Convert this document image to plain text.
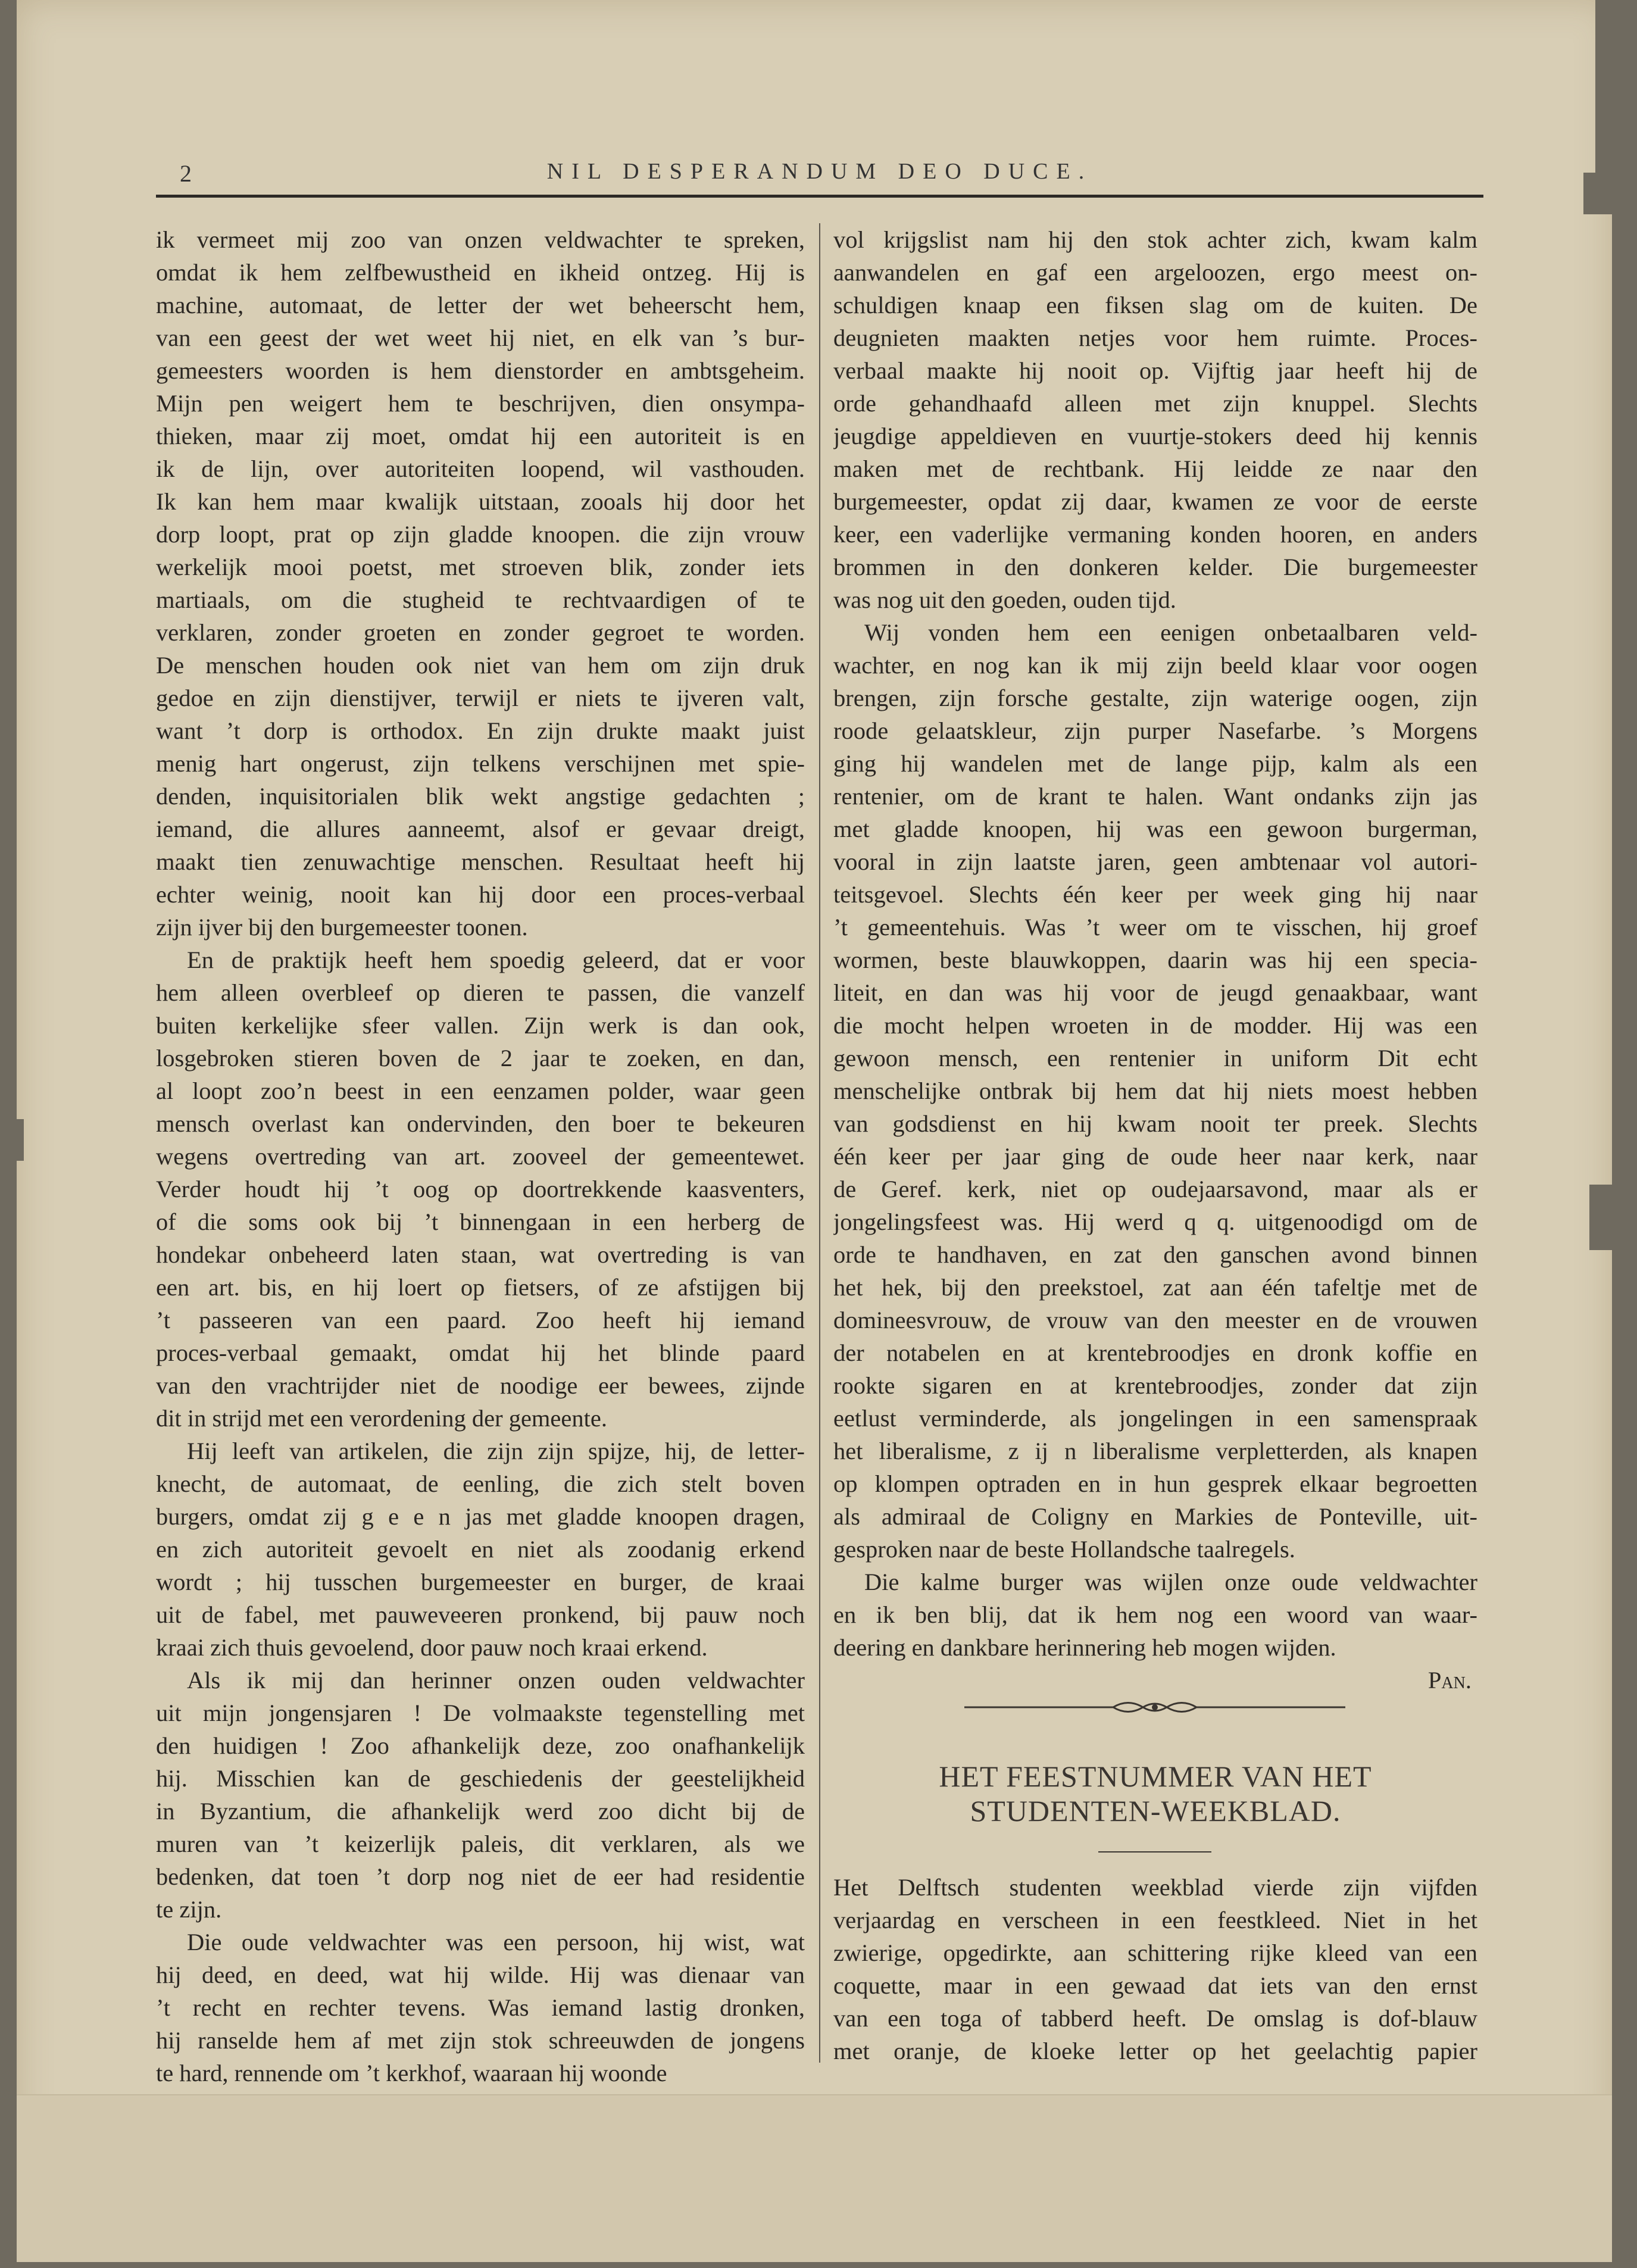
2	NIL DESPERANDUM DEO DUCE.
ik vermeet mij zoo van onzen veldwachter te spreken,
omdat ik hem zelfbewustheid en ikheid ontzeg. Hij is
machine, automaat, de letter der wet beheerscht hem,
van een geest der wet weet hij niet, en elk van ’s bur-
gemeesters woorden is hem dienstorder en ambtsgeheim.
Mijn pen weigert hem te beschrijven, dien onsympa-
thieken, maar zij moet, omdat hij een autoriteit is en
ik de lijn, over autoriteiten loopend, wil vasthouden.
Ik kan hem maar kwalijk uitstaan, zooals hij door het
dorp loopt, prat op zijn gladde knoopen. die zijn vrouw
werkelijk mooi poetst, met stroeven blik, zonder iets
martiaals, om die stugheid te rechtvaardigen of te
verklaren, zonder groeten en zonder gegroet te worden.
De menschen houden ook niet van hem om zijn druk
gedoe en zijn dienstijver, terwijl er niets te ijveren valt,
want ’t dorp is orthodox. En zijn drukte maakt juist
menig hart ongerust, zijn telkens verschijnen met spie-
denden, inquisitorialen blik wekt angstige gedachten ;
iemand, die allures aanneemt, alsof er gevaar dreigt,
maakt tien zenuwachtige menschen. Resultaat heeft hij
echter weinig, nooit kan hij door een proces-verbaal
zijn ijver bij den burgemeester toonen.
En de praktijk heeft hem spoedig geleerd, dat er voor
hem alleen overbleef op dieren te passen, die vanzelf
buiten kerkelijke sfeer vallen. Zijn werk is dan ook,
losgebroken stieren boven de 2 jaar te zoeken, en dan,
al loopt zoo’n beest in een eenzamen polder, waar geen
mensch overlast kan ondervinden, den boer te bekeuren
wegens overtreding van art. zooveel der gemeentewet.
Verder houdt hij ’t oog op doortrekkende kaasventers,
of die soms ook bij ’t binnengaan in een herberg de
hondekar onbeheerd laten staan, wat overtreding is van
een art. bis, en hij loert op fietsers, of ze afstijgen bij
’t passeeren van een paard. Zoo heeft hij iemand
proces-verbaal gemaakt, omdat hij het blinde paard
van den vrachtrijder niet de noodige eer bewees, zijnde
dit in strijd met een verordening der gemeente.
Hij leeft van artikelen, die zijn zijn spijze, hij, de letter-
knecht, de automaat, de eenling, die zich stelt boven
burgers, omdat zij g e e n jas met gladde knoopen dragen,
en zich autoriteit gevoelt en niet als zoodanig erkend
wordt ; hij tusschen burgemeester en burger, de kraai
uit de fabel, met pauweveeren pronkend, bij pauw noch
kraai zich thuis gevoelend, door pauw noch kraai erkend.
Als ik mij dan herinner onzen ouden veldwachter
uit mijn jongensjaren ! De volmaakste tegenstelling met
den huidigen ! Zoo afhankelijk deze, zoo onafhankelijk
hij. Misschien kan de geschiedenis der geestelijkheid
in Byzantium, die afhankelijk werd zoo dicht bij de
muren van ’t keizerlijk paleis, dit verklaren, als we
bedenken, dat toen ’t dorp nog niet de eer had residentie
te zijn.
Die oude veldwachter was een persoon, hij wist, wat
hij deed, en deed, wat hij wilde. Hij was dienaar van
’t recht en rechter tevens. Was iemand lastig dronken,
hij ranselde hem af met zijn stok schreeuwden de jongens
te hard, rennende om ’t kerkhof, waaraan hij woonde
vol krijgslist nam hij den stok achter zich, kwam kalm
aanwandelen en gaf een argeloozen, ergo meest on-
schuldigen knaap een fiksen slag om de kuiten. De
deugnieten maakten netjes voor hem ruimte. Proces-
verbaal maakte hij nooit op. Vijftig jaar heeft hij de
orde gehandhaafd alleen met zijn knuppel. Slechts
jeugdige appeldieven en vuurtje-stokers deed hij kennis
maken met de rechtbank. Hij leidde ze naar den
burgemeester, opdat zij daar, kwamen ze voor de eerste
keer, een vaderlijke vermaning konden hooren, en anders
brommen in den donkeren kelder. Die burgemeester
was nog uit den goeden, ouden tijd.
Wij vonden hem een eenigen onbetaalbaren veld-
wachter, en nog kan ik mij zijn beeld klaar voor oogen
brengen, zijn forsche gestalte, zijn waterige oogen, zijn
roode gelaatskleur, zijn purper Nasefarbe. ’s Morgens
ging hij wandelen met de lange pijp, kalm als een
rentenier, om de krant te halen. Want ondanks zijn jas
met gladde knoopen, hij was een gewoon burgerman,
vooral in zijn laatste jaren, geen ambtenaar vol autori-
teitsgevoel. Slechts één keer per week ging hij naar
’t gemeentehuis. Was ’t weer om te visschen, hij groef
wormen, beste blauwkoppen, daarin was hij een specia-
liteit, en dan was hij voor de jeugd genaakbaar, want
die mocht helpen wroeten in de modder. Hij was een
gewoon mensch, een rentenier in uniform Dit echt
menschelijke ontbrak bij hem dat hij niets moest hebben
van godsdienst en hij kwam nooit ter preek. Slechts
één keer per jaar ging de oude heer naar kerk, naar
de Geref. kerk, niet op oudejaarsavond, maar als er
jongelingsfeest was. Hij werd q q. uitgenoodigd om de
orde te handhaven, en zat den ganschen avond binnen
het hek, bij den preekstoel, zat aan één tafeltje met de
domineesvrouw, de vrouw van den meester en de vrouwen
der notabelen en at krentebroodjes en dronk koffie en
rookte sigaren en at krentebroodjes, zonder dat zijn
eetlust verminderde, als jongelingen in een samenspraak
het liberalisme, z ij n liberalisme verpletterden, als knapen
op klompen optraden en in hun gesprek elkaar begroetten
als admiraal de Coligny en Markies de Ponteville, uit-
gesproken naar de beste Hollandsche taalregels.
Die kalme burger was wijlen onze oude veldwachter
en ik ben blij, dat ik hem nog een woord van waar-
deering en dankbare herinnering heb mogen wijden.
Pan.
HET FEESTNUMMER VAN HET
STUDENTEN-WEEKBLAD.
Het Delftsch studenten weekblad vierde zijn vijfden
verjaardag en verscheen in een feestkleed. Niet in het
zwierige, opgedirkte, aan schittering rijke kleed van een
coquette, maar in een gewaad dat iets van den ernst
van een toga of tabberd heeft. De omslag is dof-blauw
met oranje, de kloeke letter op het geelachtig papier
